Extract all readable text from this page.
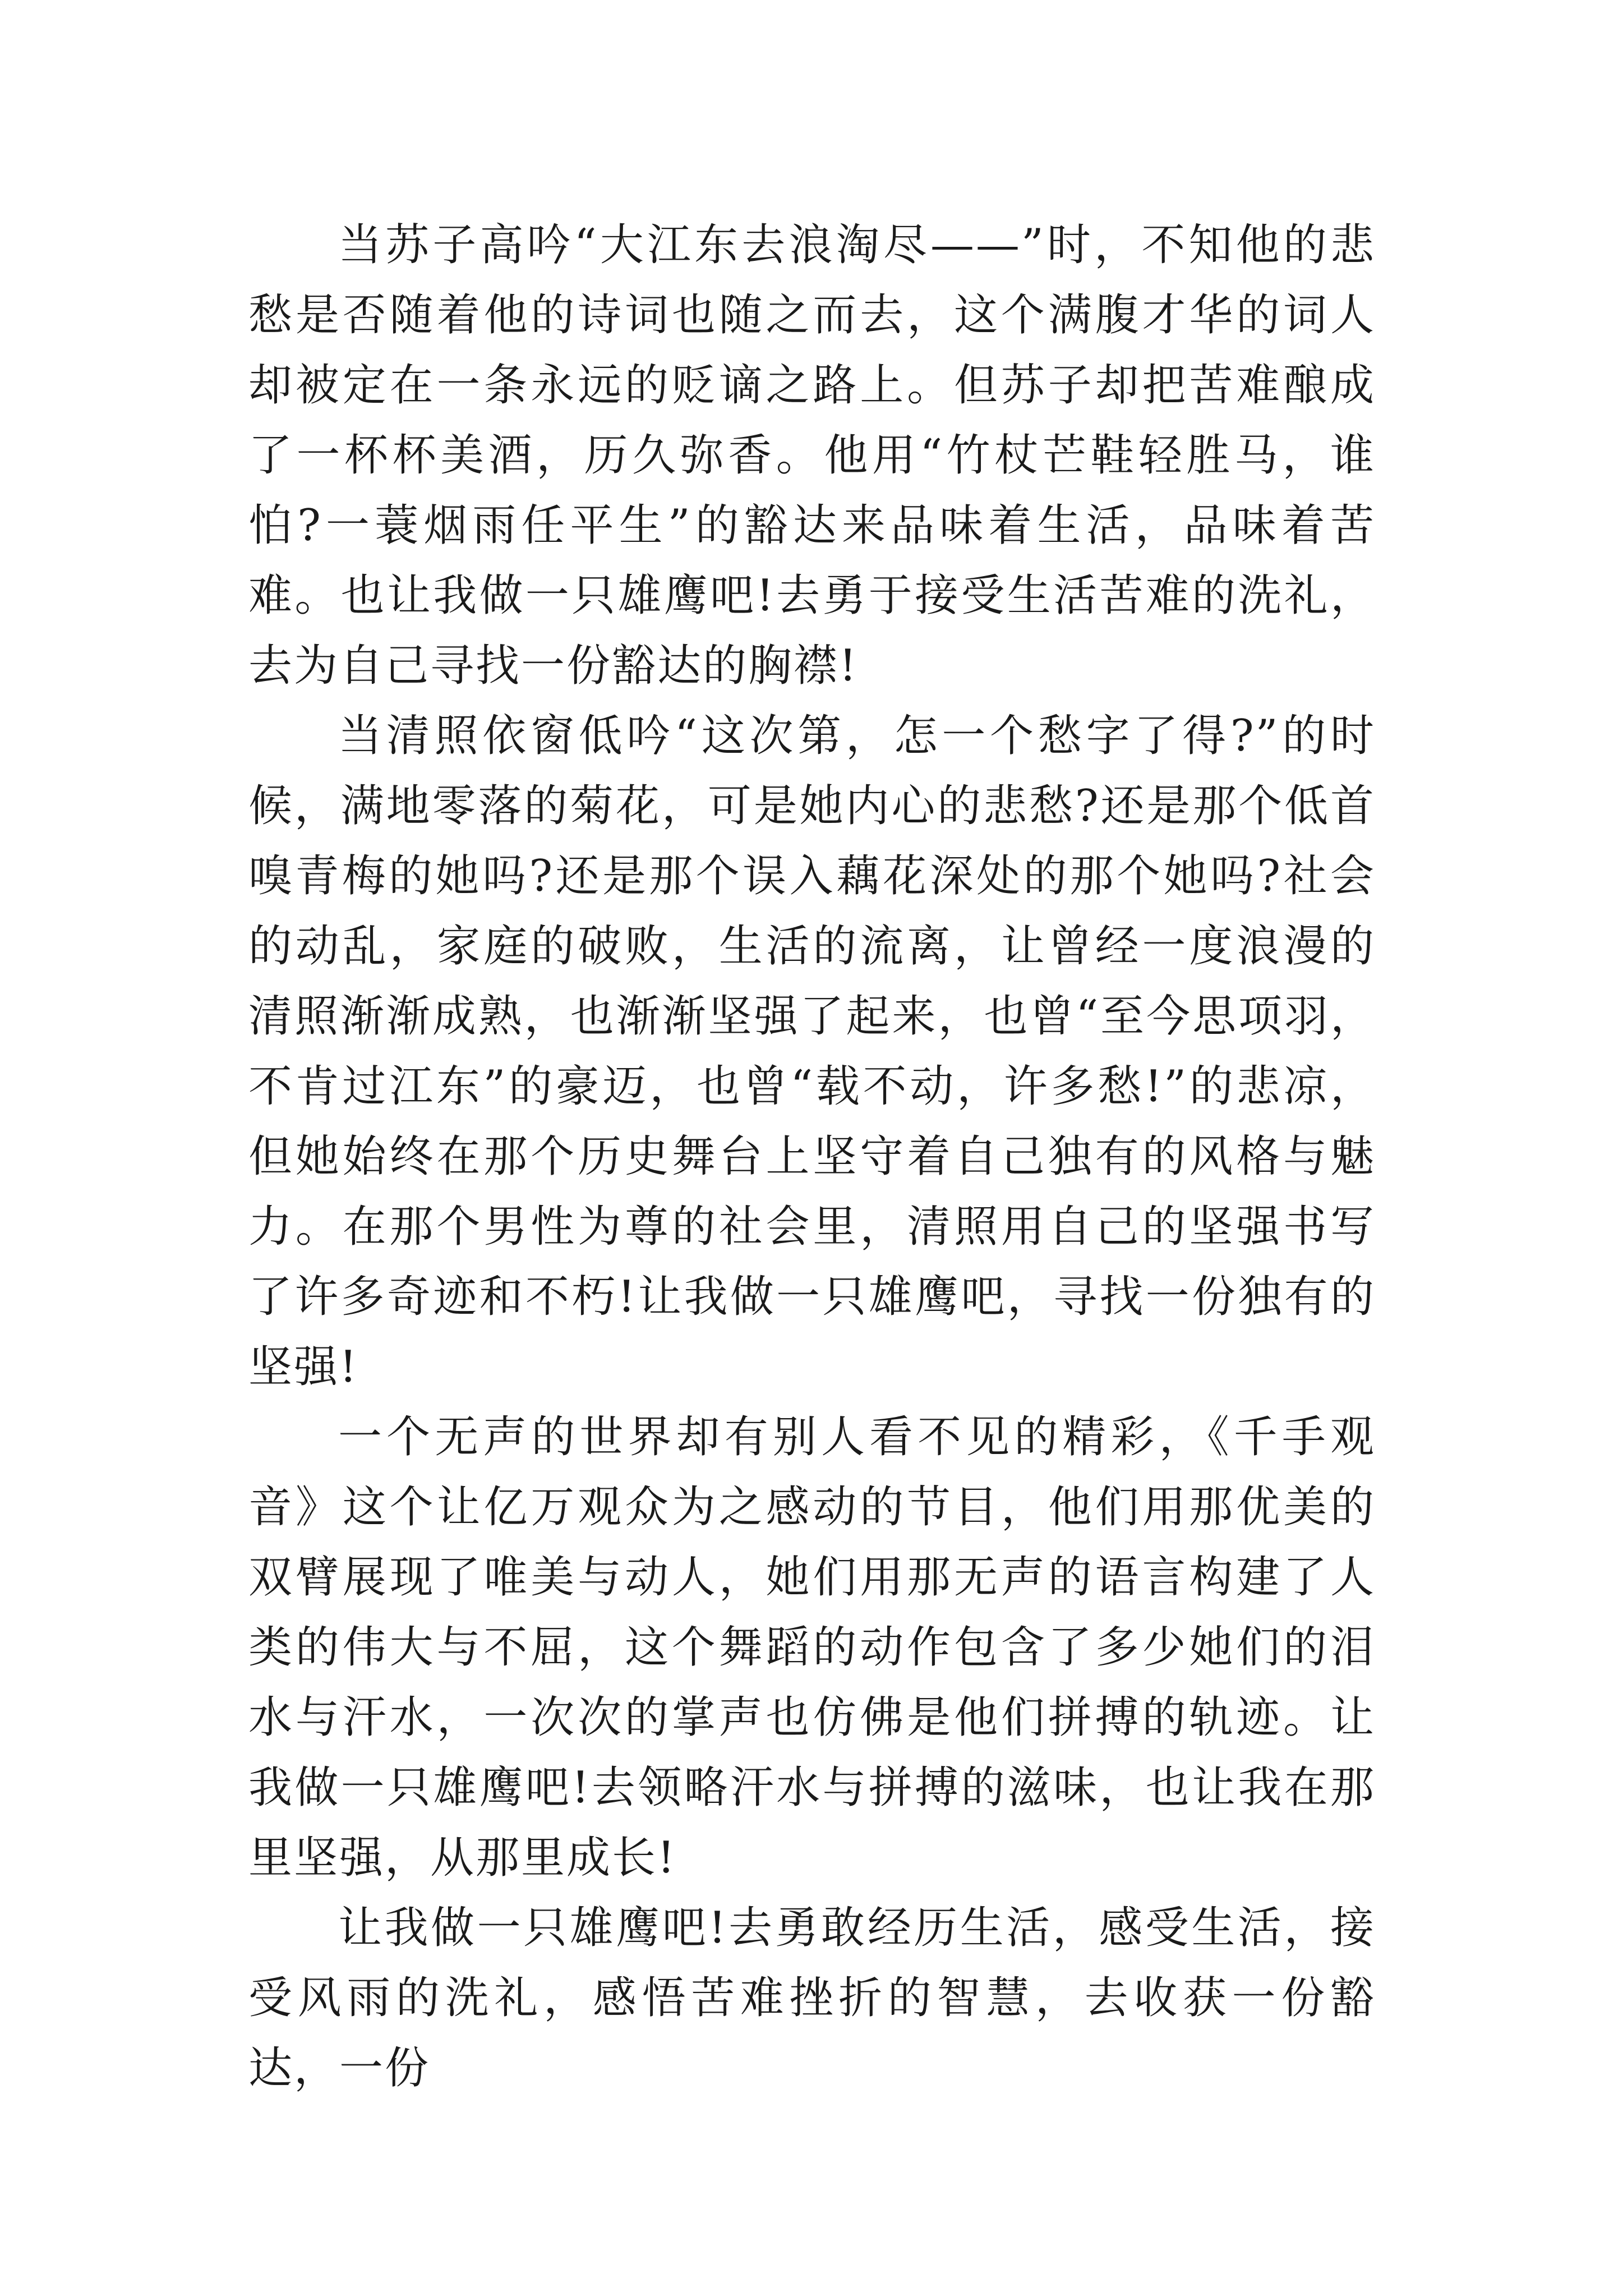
当苏子高吟“大江东去浪淘尽——”时，不知他的悲愁是否随着他的诗词也随之而去，这个满腹才华的词人却被定在一条永远的贬谪之路上。但苏子却把苦难酿成了一杯杯美酒，历久弥香。他用“竹杖芒鞋轻胜马，谁怕?一蓑烟雨任平生”的豁达来品味着生活，品味着苦难。也让我做一只雄鹰吧!去勇于接受生活苦难的洗礼，去为自己寻找一份豁达的胸襟!

当清照依窗低吟“这次第，怎一个愁字了得?”的时候，满地零落的菊花，可是她内心的悲愁?还是那个低首嗅青梅的她吗?还是那个误入藕花深处的那个她吗?社会的动乱，家庭的破败，生活的流离，让曾经一度浪漫的清照渐渐成熟，也渐渐坚强了起来，也曾“至今思项羽，不肯过江东”的豪迈，也曾“载不动，许多愁!”的悲凉，但她始终在那个历史舞台上坚守着自己独有的风格与魅力。在那个男性为尊的社会里，清照用自己的坚强书写了许多奇迹和不朽!让我做一只雄鹰吧，寻找一份独有的坚强!

一个无声的世界却有别人看不见的精彩，《千手观音》这个让亿万观众为之感动的节目，他们用那优美的双臂展现了唯美与动人，她们用那无声的语言构建了人类的伟大与不屈，这个舞蹈的动作包含了多少她们的泪水与汗水，一次次的掌声也仿佛是他们拼搏的轨迹。让我做一只雄鹰吧!去领略汗水与拼搏的滋味，也让我在那里坚强，从那里成长!

让我做一只雄鹰吧!去勇敢经历生活，感受生活，接受风雨的洗礼，感悟苦难挫折的智慧，去收获一份豁达，一份
